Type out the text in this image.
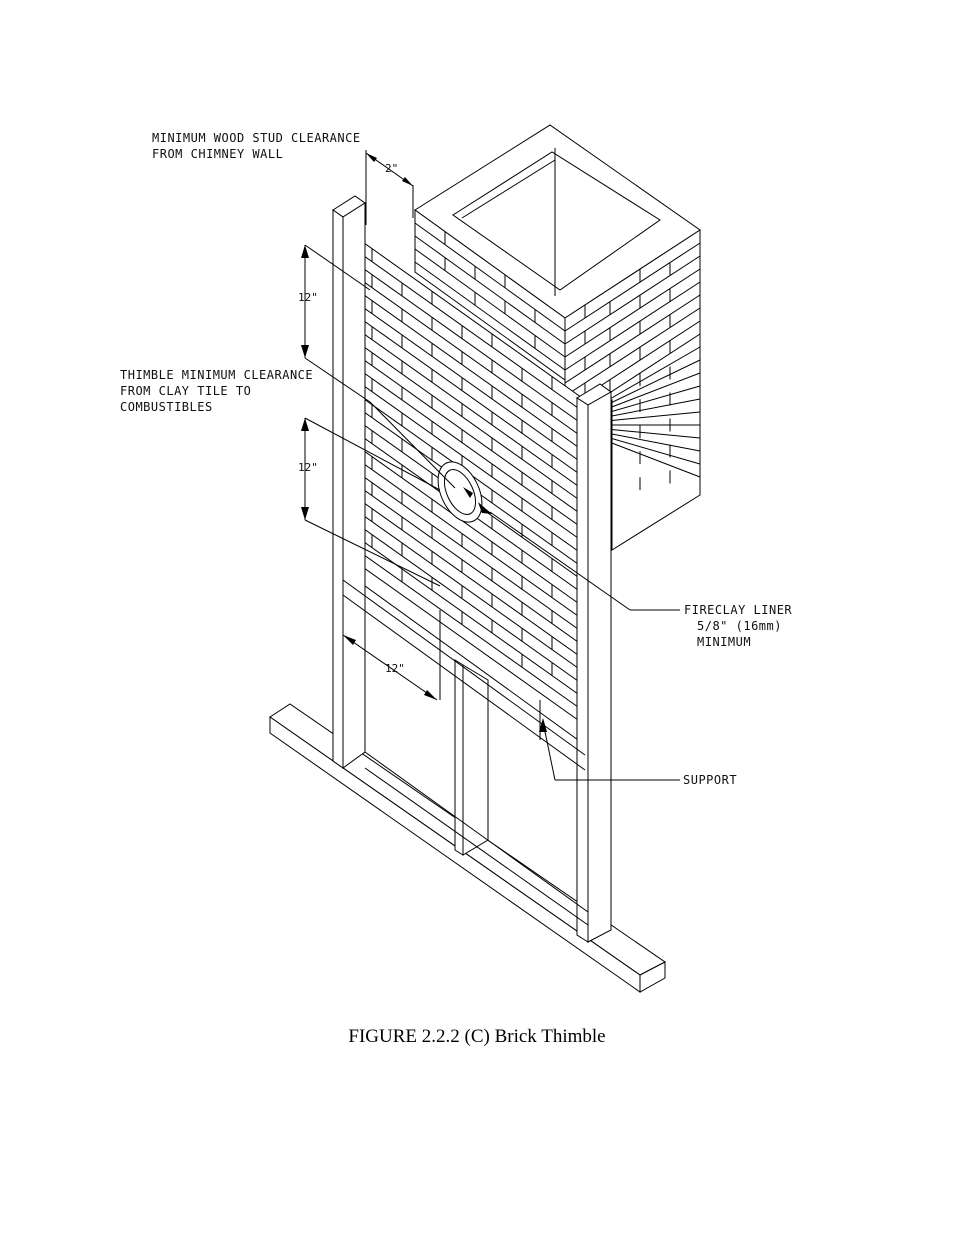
MINIMUM WOOD STUD CLEARANCE
FROM CHIMNEY WALL
THIMBLE MINIMUM CLEARANCE
FROM CLAY TILE TO
COMBUSTIBLES
FIRECLAY LINER
5/8" (16mm)
MINIMUM
SUPPORT
2"
12"
12"
12"
FIGURE 2.2.2 (C) Brick Thimble
